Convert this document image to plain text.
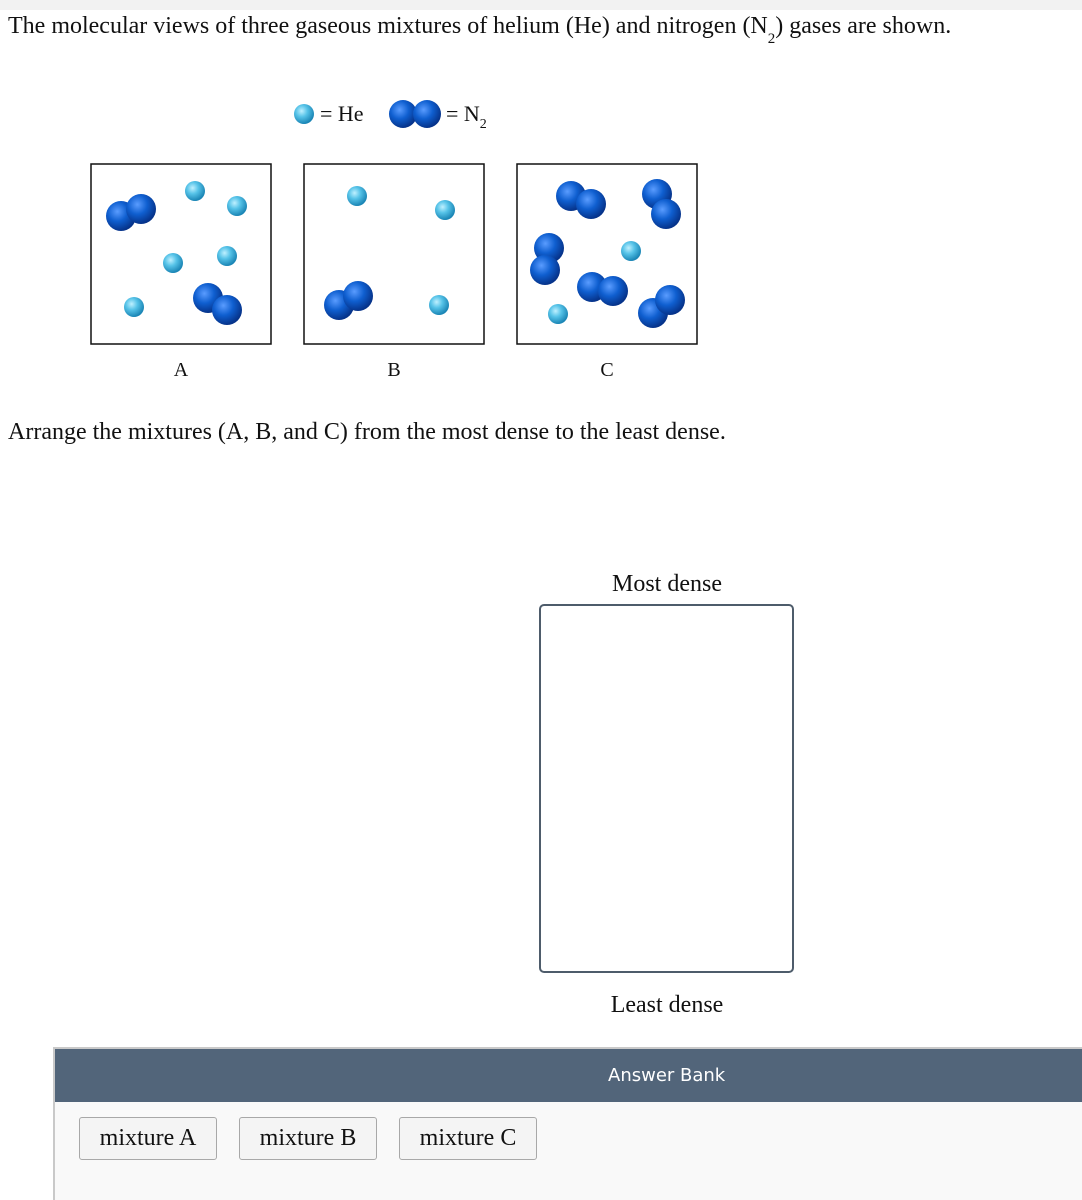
The molecular views of three gaseous mixtures of helium (He) and nitrogen $(N_2)$ gases are shown.
= He	= $N_2$
A	B	C
Arrange the mixtures (A, B, and C) from the most dense to the least dense.
Most dense
Least dense
Answer Bank
mixture A	mixture B	mixture C
